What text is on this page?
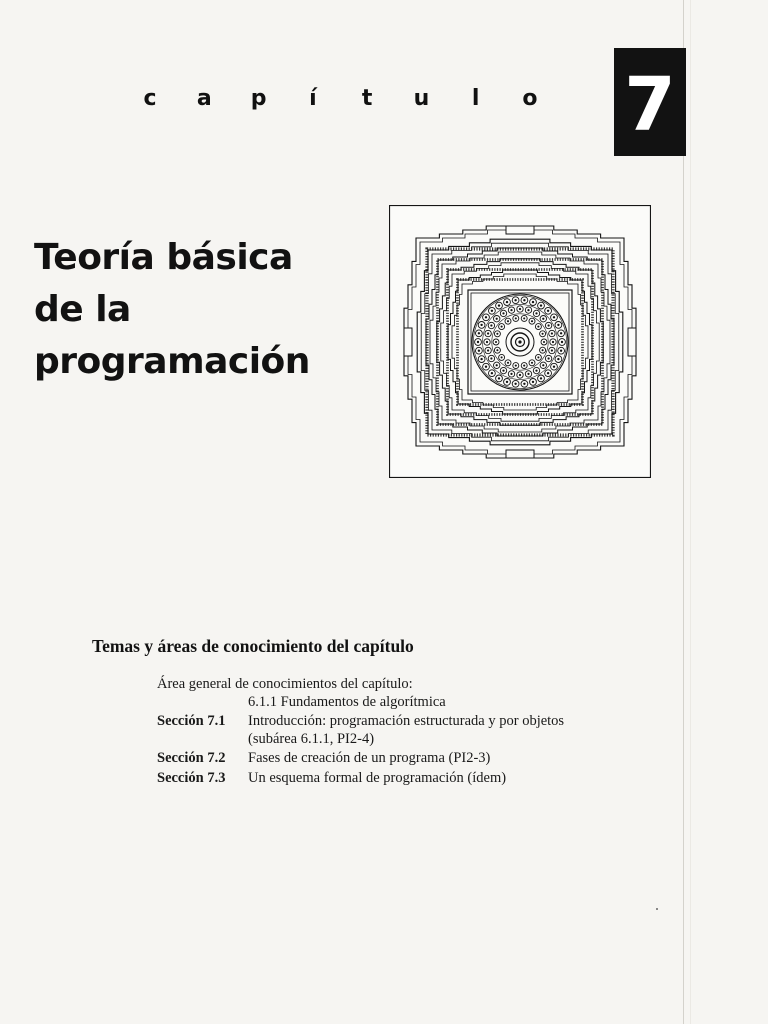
c a p í t u l o 7
Teoría básica
de la
programación
Temas y áreas de conocimiento del capítulo

Área general de conocimientos del capítulo:

6.1.1 Fundamentos de algorítmica

Sección 7.1	Introducción: programación estructurada y por objetos
(subárea 6.1.1, PI2-4)
Sección 7.2	Fases de creación de un programa (PI2-3)
Sección 7.3	Un esquema formal de programación (ídem)
